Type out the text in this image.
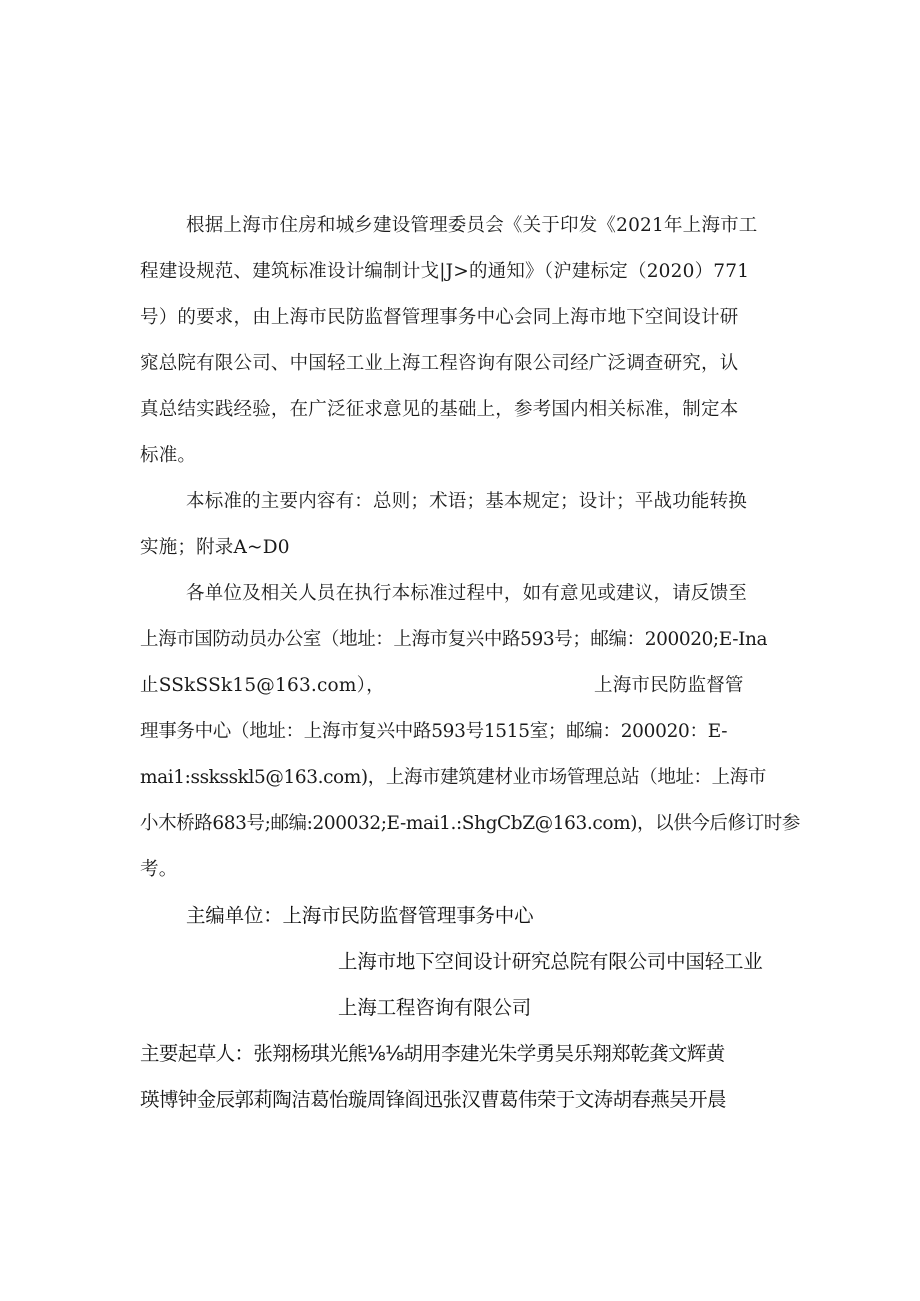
根据上海市住房和城乡建设管理委员会《关于印发《2021年上海市工
程建设规范、建筑标准设计编制计戈|J>的通知》（沪建标定（2020）771
号）的要求，由上海市民防监督管理事务中心会同上海市地下空间设计研
窕总院有限公司、中国轻工业上海工程咨询有限公司经广泛调查研究，认
真总结实践经验，在广泛征求意见的基础上，参考国内相关标准，制定本
标准。
本标准的主要内容有：总则；术语；基本规定；设计；平战功能转换
实施；附录A~D0
各单位及相关人员在执行本标准过程中，如有意见或建议，请反馈至
上海市国防动员办公室（地址：上海市复兴中路593号；邮编：200020;E-Ina
止SSkSSk15@163.com），	上海市民防监督管
理事务中心（地址：上海市复兴中路593号1515室；邮编：200020：E-
mai1:ssksskl5@163.com)，上海市建筑建材业市场管理总站（地址：上海市
小木桥路683号;邮编:200032;E-mai1.:ShgCbZ@163.com)，以供今后修订时参
考。
主编单位：上海市民防监督管理事务中心
上海市地下空间设计研究总院有限公司中国轻工业
上海工程咨询有限公司
主要起草人：张翔杨琪光熊⅛⅛胡用李建光朱学勇吴乐翔郑乾龚文辉黄
瑛博钟金辰郭莉陶洁葛怡璇周锋阎迅张汉曹葛伟荣于文涛胡春燕吴开晨
